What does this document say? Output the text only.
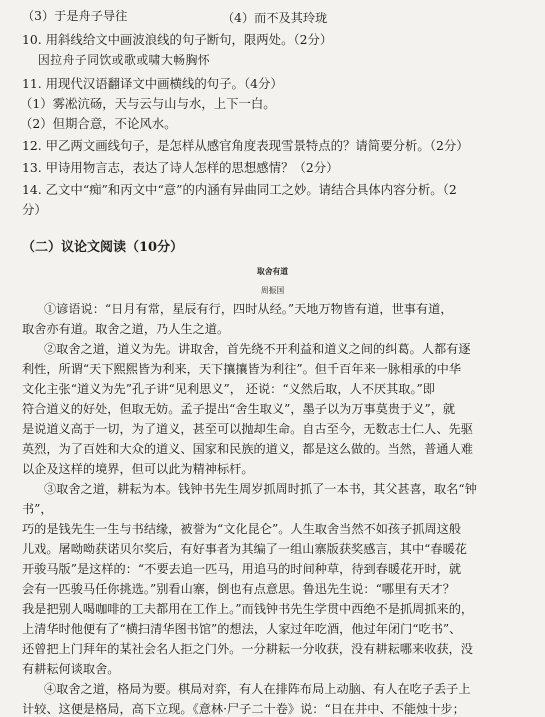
（3）于是舟子导往	（4）而不及其玲珑
10. 用斜线给文中画波浪线的句子断句，限两处。（2分）
因拉舟子同饮或歌或啸大畅胸怀
11. 用现代汉语翻译文中画横线的句子。（4分）
（1）雾凇沆砀，天与云与山与水，上下一白。
（2）但期合意，不论风水。
12. 甲乙两文画线句子，是怎样从感官角度表现雪景特点的？请简要分析。（2分）
13. 甲诗用物言志，表达了诗人怎样的思想感情？（2分）
14. 乙文中“痴”和丙文中“意”的内涵有异曲同工之妙。请结合具体内容分析。（2
分）
（二）议论文阅读（10分）
取舍有道
周振国
①谚语说：“日月有常，星辰有行，四时从经。”天地万物皆有道，世事有道，
取舍亦有道。取舍之道，乃人生之道。
②取舍之道，道义为先。讲取舍，首先绕不开利益和道义之间的纠葛。人都有逐
利性，所谓“天下熙熙皆为利来，天下攘攘皆为利往”。但千百年来一脉相承的中华
文化主张“道义为先”孔子讲“见利思义”， 还说：“义然后取，人不厌其取。”即
符合道义的好处，但取无妨。孟子提出“舍生取义”，墨子以为万事莫贵于义”，就
是说道义高于一切，为了道义，甚至可以抛却生命。自古至今，无数志士仁人、先驱
英烈，为了百姓和大众的道义、国家和民族的道义，都是这么做的。当然，普通人难
以企及这样的境界，但可以此为精神标杆。
③取舍之道，耕耘为本。钱钟书先生周岁抓周时抓了一本书，其父甚喜，取名“钟
书”，
巧的是钱先生一生与书结缘，被誉为“文化昆仑”。人生取舍当然不如孩子抓周这般
儿戏。屠呦呦获诺贝尔奖后，有好事者为其编了一组山寨版获奖感言，其中“春暖花
开骏马版”是这样的：“不要去追一匹马，用追马的时间种草，待到春暖花开时，就
会有一匹骏马任你挑选。”别看山寨，倒也有点意思。鲁迅先生说：“哪里有天才？
我是把别人喝咖啡的工夫都用在工作上。”而钱钟书先生学贯中西绝不是抓周抓来的，
上清华时他便有了“横扫清华图书馆”的想法，人家过年吃酒，他过年闭门“吃书”、
还曾把上门拜年的某社会名人拒之门外。一分耕耘一分收获，没有耕耘哪来收获，没
有耕耘何谈取舍。
④取舍之道，格局为要。棋局对弈，有人在排阵布局上动脑、有人在吃子丢子上
计较、这便是格局，高下立现。《意林·尸子二十卷》说：“日在井中、不能烛十步；
